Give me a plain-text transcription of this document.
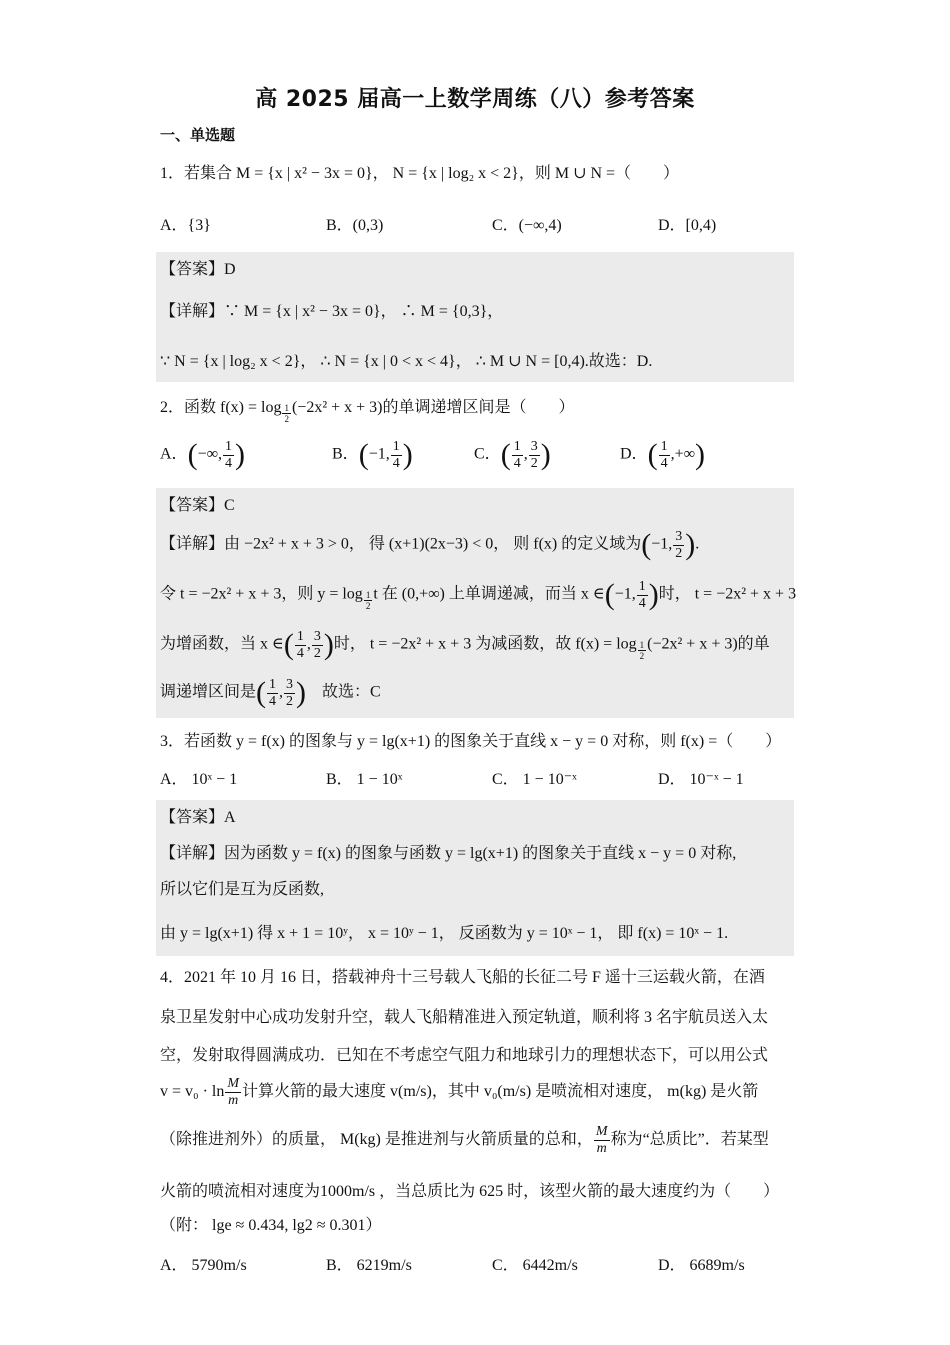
高 2025 届高一上数学周练（八）参考答案
一、单选题
1．若集合 M = {x | x² − 3x = 0}， N = {x | log₂ x < 2}，则 M ∪ N =（　　）
A．{3}	B．(0,3)	C．(−∞,4)	D．[0,4)
【答案】D
【详解】∵ M = {x | x² − 3x = 0}， ∴ M = {0,3}，
∵ N = {x | log₂ x < 2}， ∴ N = {x | 0 < x < 4}， ∴ M ∪ N = [0,4).故选：D.
2．函数 f(x) = log $_{\frac{1}{2}}$ (−2x² + x + 3)的单调递增区间是（　　）
A．(−∞, $\frac{1}{4}$ )	B．(−1, $\frac{1}{4}$ )	C．( $\frac{1}{4}$ , $\frac{3}{2}$ )	D．( $\frac{1}{4}$ ,+∞)
【答案】C
【详解】由 −2x² + x + 3 > 0， 得 (x+1)(2x−3) < 0， 则 f(x) 的定义域为(−1, $\frac{3}{2}$ ).
令 t = −2x² + x + 3，则 y = log $_{\frac{1}{2}}$ t 在 (0,+∞) 上单调递减，而当 x ∈(−1, $\frac{1}{4}$ )时， t = −2x² + x + 3
为增函数，当 x ∈( $\frac{1}{4}$ , $\frac{3}{2}$ )时， t = −2x² + x + 3 为减函数，故 f(x) = log $_{\frac{1}{2}}$ (−2x² + x + 3)的单
调递增区间是( $\frac{1}{4}$ , $\frac{3}{2}$ )　故选：C
3．若函数 y = f(x) 的图象与 y = lg(x+1) 的图象关于直线 x − y = 0 对称，则 f(x) =（　　）
A． 10ˣ − 1	B． 1 − 10ˣ	C． 1 − 10⁻ˣ	D． 10⁻ˣ − 1
【答案】A
【详解】因为函数 y = f(x) 的图象与函数 y = lg(x+1) 的图象关于直线 x − y = 0 对称,
所以它们是互为反函数,
由 y = lg(x+1) 得 x + 1 = 10ʸ， x = 10ʸ − 1， 反函数为 y = 10ˣ − 1， 即 f(x) = 10ˣ − 1.
4．2021 年 10 月 16 日，搭载神舟十三号载人飞船的长征二号 F 遥十三运载火箭，在酒
泉卫星发射中心成功发射升空，载人飞船精准进入预定轨道，顺利将 3 名宇航员送入太
空，发射取得圆满成功．已知在不考虑空气阻力和地球引力的理想状态下，可以用公式
$v = v_0 \cdot \ln \frac{M}{m}$ 计算火箭的最大速度 v(m/s)，其中 v₀(m/s) 是喷流相对速度， m(kg) 是火箭
（除推进剂外）的质量， M(kg) 是推进剂与火箭质量的总和， $\frac{M}{m}$ 称为“总质比”．若某型
火箭的喷流相对速度为1000m/s ，当总质比为 625 时，该型火箭的最大速度约为（　　）
（附： lge ≈ 0.434, lg2 ≈ 0.301）
A． 5790m/s	B． 6219m/s	C． 6442m/s	D． 6689m/s
